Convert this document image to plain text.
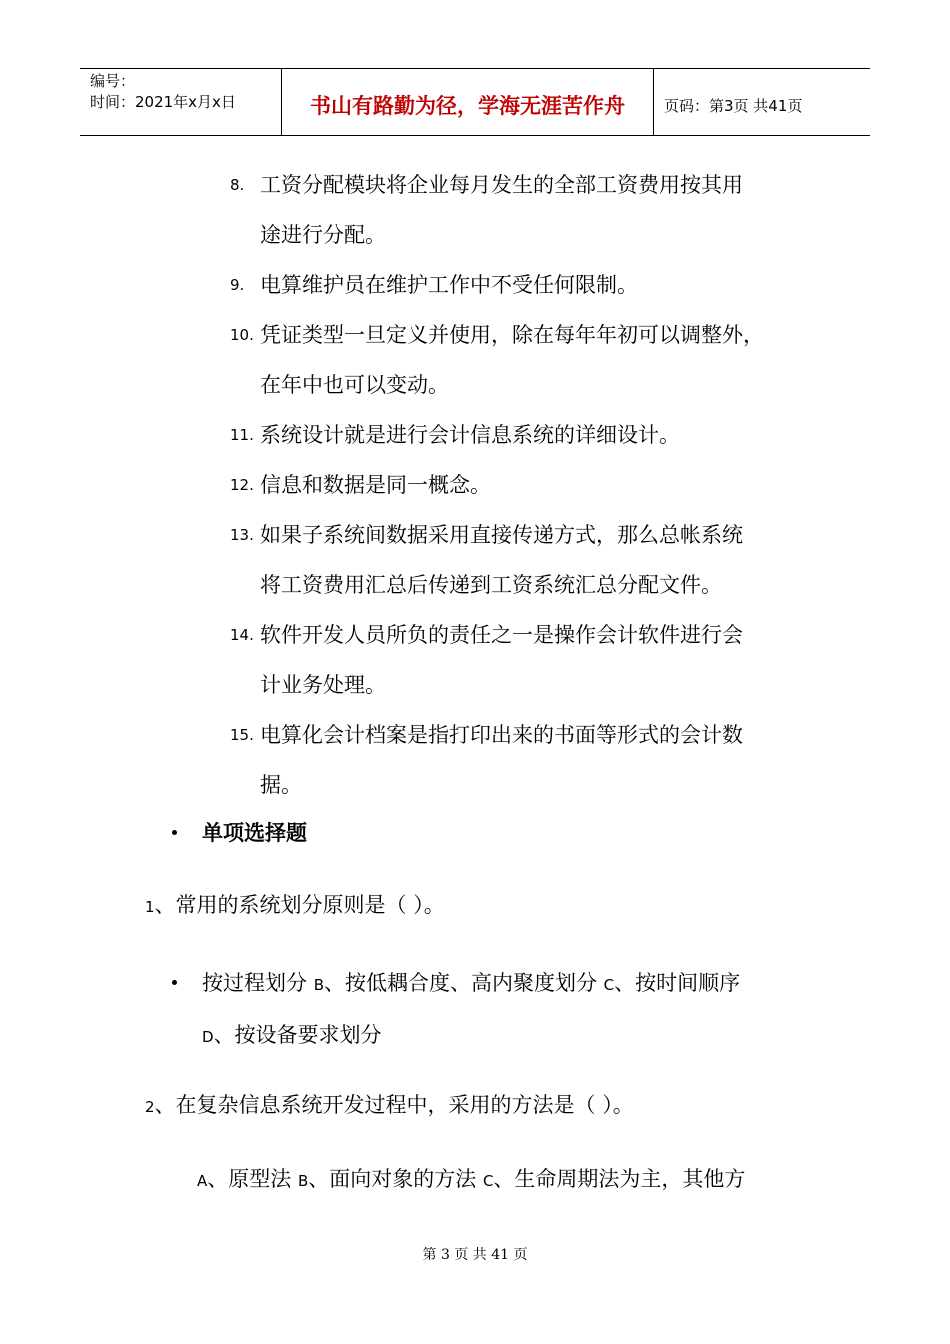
编号：
时间：2021年x月x日	书山有路勤为径，学海无涯苦作舟	页码：第3页 共41页
8. 工资分配模块将企业每月发生的全部工资费用按其用
途进行分配。
9. 电算维护员在维护工作中不受任何限制。
10. 凭证类型一旦定义并使用，除在每年年初可以调整外，
在年中也可以变动。
11. 系统设计就是进行会计信息系统的详细设计。
12. 信息和数据是同一概念。
13. 如果子系统间数据采用直接传递方式，那么总帐系统
将工资费用汇总后传递到工资系统汇总分配文件。
14. 软件开发人员所负的责任之一是操作会计软件进行会
计业务处理。
15. 电算化会计档案是指打印出来的书面等形式的会计数
据。
单项选择题
1、常用的系统划分原则是（ ）。
按过程划分 B、按低耦合度、高内聚度划分 C、按时间顺序
D、按设备要求划分
2、在复杂信息系统开发过程中，采用的方法是（ ）。
A、原型法 B、面向对象的方法 C、生命周期法为主，其他方
第 3 页 共 41 页
